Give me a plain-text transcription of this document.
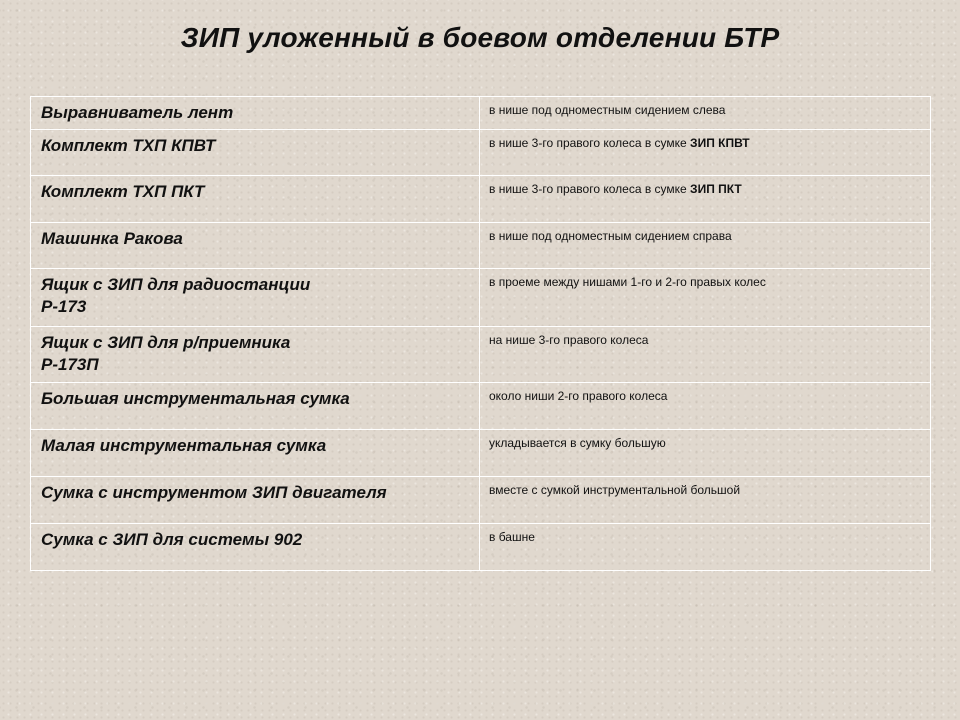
ЗИП уложенный в боевом отделении БТР
Выравниватель лент	в нише под одноместным сидением слева

Комплект ТХП КПВТ	в нише 3-го правого колеса в сумке ЗИП КПВТ

Комплект ТХП ПКТ	в нише 3-го правого колеса в сумке ЗИП ПКТ

Машинка Ракова	в нише под одноместным сидением справа

Ящик с ЗИП для радиостанции
Р-173	в проеме между нишами 1-го и 2-го правых колес

Ящик с ЗИП для р/приемника
Р-173П	на нише 3-го правого колеса

Большая инструментальная сумка	около ниши 2-го правого колеса

Малая инструментальная сумка	укладывается в сумку большую

Сумка с инструментом ЗИП двигателя	вместе с сумкой инструментальной большой

Сумка с ЗИП для системы 902	в башне
